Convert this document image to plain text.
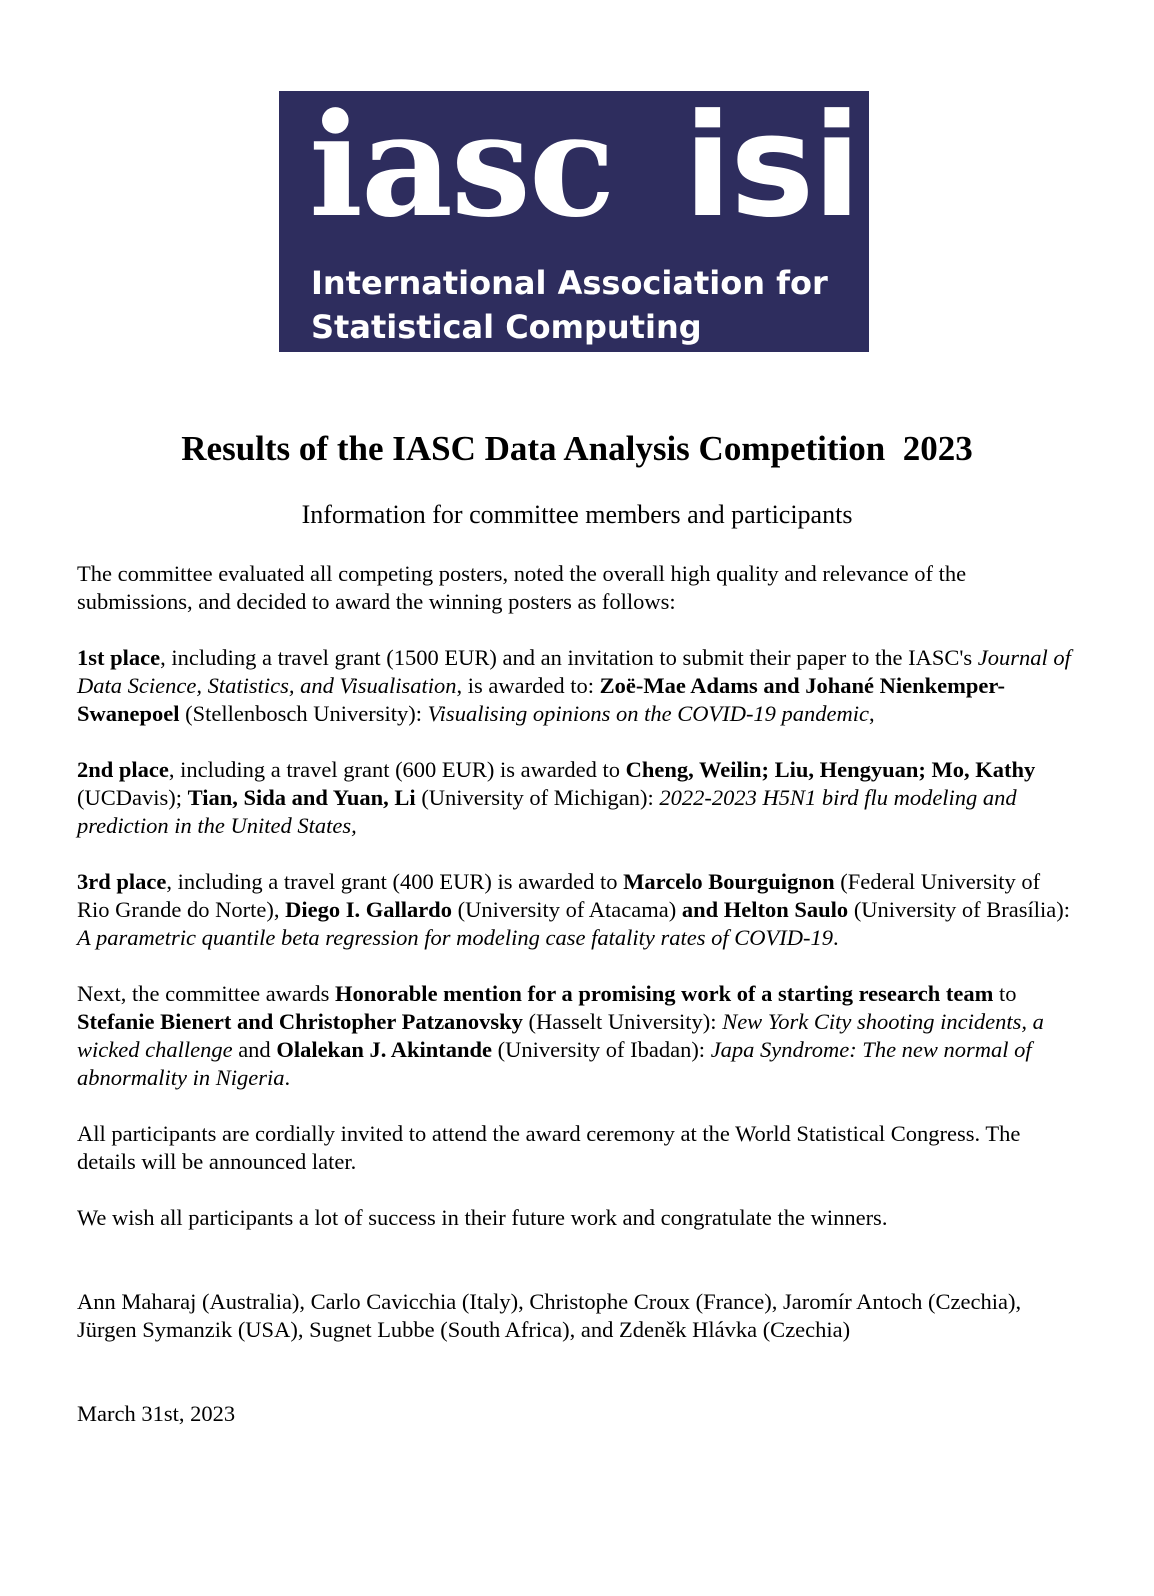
iasc isi
International Association for
Statistical Computing
Results of the IASC Data Analysis Competition  2023
Information for committee members and participants

The committee evaluated all competing posters, noted the overall high quality and relevance of the submissions, and decided to award the winning posters as follows:

1st place, including a travel grant (1500 EUR) and an invitation to submit their paper to the IASC's Journal of Data Science, Statistics, and Visualisation, is awarded to: Zoë-Mae Adams and Johané Nienkemper-Swanepoel (Stellenbosch University): Visualising opinions on the COVID-19 pandemic,

2nd place, including a travel grant (600 EUR) is awarded to Cheng, Weilin; Liu, Hengyuan; Mo, Kathy (UCDavis); Tian, Sida and Yuan, Li (University of Michigan): 2022-2023 H5N1 bird flu modeling and prediction in the United States,

3rd place, including a travel grant (400 EUR) is awarded to Marcelo Bourguignon (Federal University of Rio Grande do Norte), Diego I. Gallardo (University of Atacama) and Helton Saulo (University of Brasília): A parametric quantile beta regression for modeling case fatality rates of COVID-19.

Next, the committee awards Honorable mention for a promising work of a starting research team to Stefanie Bienert and Christopher Patzanovsky (Hasselt University): New York City shooting incidents, a wicked challenge and Olalekan J. Akintande (University of Ibadan): Japa Syndrome: The new normal of abnormality in Nigeria.

All participants are cordially invited to attend the award ceremony at the World Statistical Congress. The details will be announced later.

We wish all participants a lot of success in their future work and congratulate the winners.

Ann Maharaj (Australia), Carlo Cavicchia (Italy), Christophe Croux (France), Jaromír Antoch (Czechia), Jürgen Symanzik (USA), Sugnet Lubbe (South Africa), and Zdeněk Hlávka (Czechia)

March 31st, 2023
